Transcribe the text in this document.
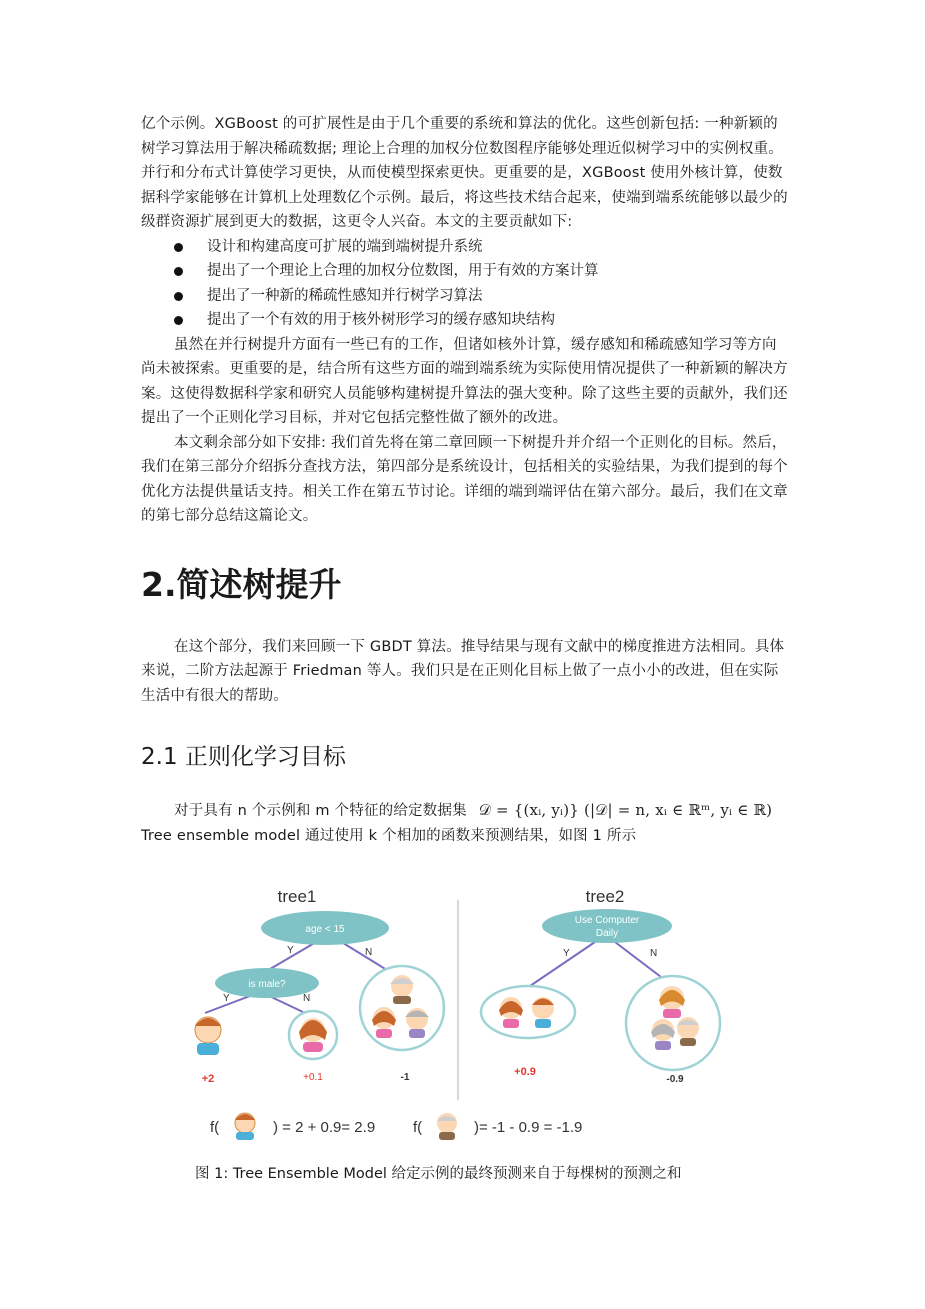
亿个示例。XGBoost 的可扩展性是由于几个重要的系统和算法的优化。这些创新包括: 一种新颖的树学习算法用于解决稀疏数据; 理论上合理的加权分位数图程序能够处理近似树学习中的实例权重。并行和分布式计算使学习更快，从而使模型探索更快。更重要的是，XGBoost 使用外核计算，使数据科学家能够在计算机上处理数亿个示例。最后，将这些技术结合起来，使端到端系统能够以最少的级群资源扩展到更大的数据，这更令人兴奋。本文的主要贡献如下:

设计和构建高度可扩展的端到端树提升系统
提出了一个理论上合理的加权分位数图，用于有效的方案计算
提出了一种新的稀疏性感知并行树学习算法
提出了一个有效的用于核外树形学习的缓存感知块结构

虽然在并行树提升方面有一些已有的工作，但诸如核外计算，缓存感知和稀疏感知学习等方向尚未被探索。更重要的是，结合所有这些方面的端到端系统为实际使用情况提供了一种新颖的解决方案。这使得数据科学家和研究人员能够构建树提升算法的强大变种。除了这些主要的贡献外，我们还提出了一个正则化学习目标，并对它包括完整性做了额外的改进。

本文剩余部分如下安排: 我们首先将在第二章回顾一下树提升并介绍一个正则化的目标。然后，我们在第三部分介绍拆分查找方法，第四部分是系统设计，包括相关的实验结果，为我们提到的每个优化方法提供量话支持。相关工作在第五节讨论。详细的端到端评估在第六部分。最后，我们在文章的第七部分总结这篇论文。

2.简述树提升

在这个部分，我们来回顾一下 GBDT 算法。推导结果与现有文献中的梯度推进方法相同。具体来说，二阶方法起源于 Friedman 等人。我们只是在正则化目标上做了一点小小的改进，但在实际生活中有很大的帮助。

2.1 正则化学习目标

对于具有 n 个示例和 m 个特征的给定数据集 𝒟 = {(xᵢ, yᵢ)} (|𝒟| = n, xᵢ ∈ ℝᵐ, yᵢ ∈ ℝ)

Tree ensemble model 通过使用 k 个相加的函数来预测结果，如图 1 所示

tree1
age < 15
Y	N
is male?
Y	N
+2	+0.1	-1
tree2
Use Computer
Daily
Y	N
+0.9
-0.9
f(	) = 2 + 0.9= 2.9	f(	)= -1 - 0.9 = -1.9
图 1: Tree Ensemble Model 给定示例的最终预测来自于每棵树的预测之和
